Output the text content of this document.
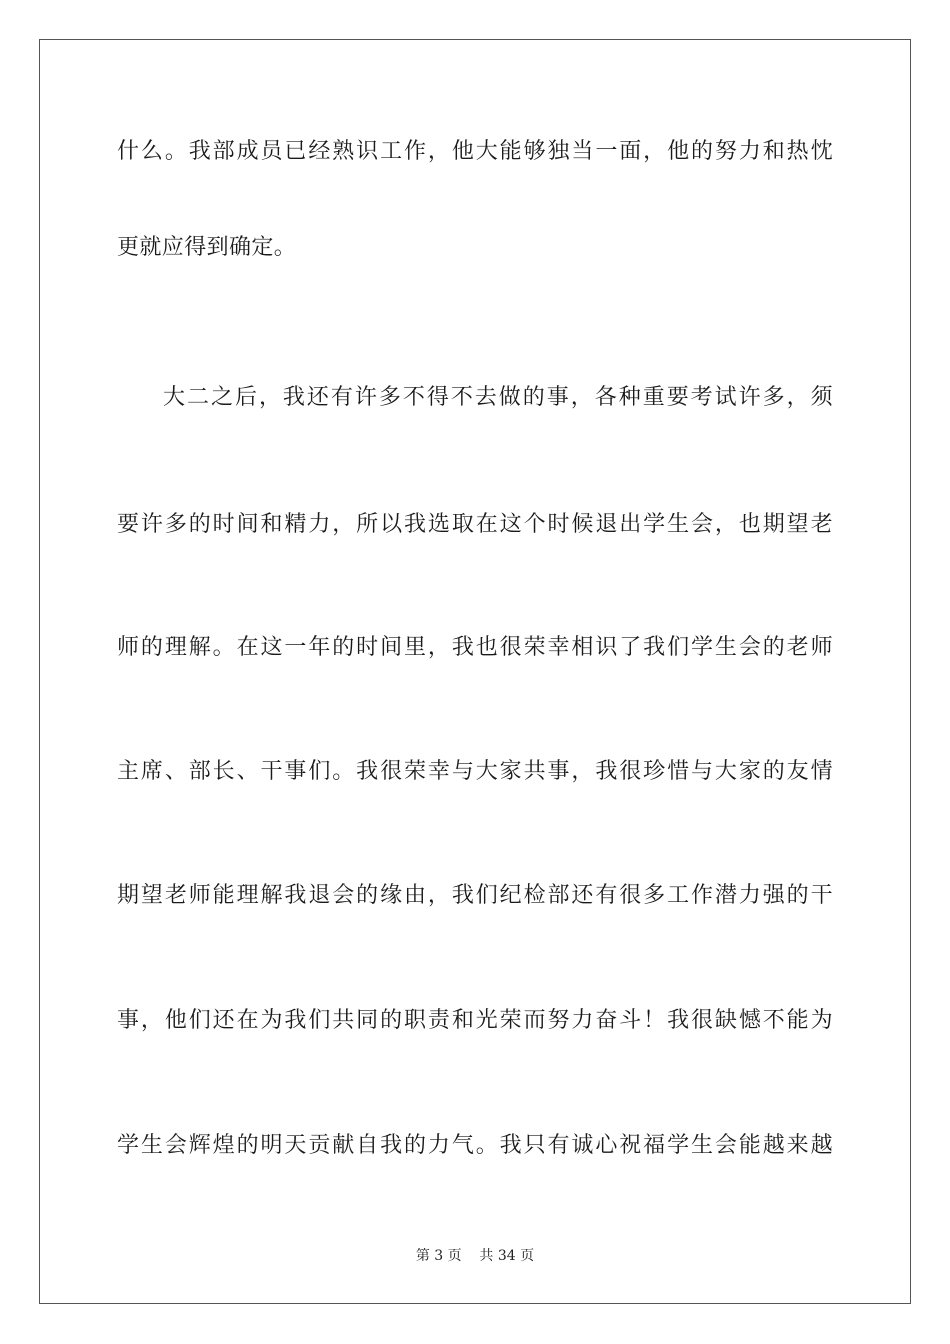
什么。我部成员已经熟识工作，他大能够独当一面，他的努力和热忱
更就应得到确定。
大二之后，我还有许多不得不去做的事，各种重要考试许多，须
要许多的时间和精力，所以我选取在这个时候退出学生会，也期望老
师的理解。在这一年的时间里，我也很荣幸相识了我们学生会的老师
主席、部长、干事们。我很荣幸与大家共事，我很珍惜与大家的友情
期望老师能理解我退会的缘由，我们纪检部还有很多工作潜力强的干
事，他们还在为我们共同的职责和光荣而努力奋斗！我很缺憾不能为
学生会辉煌的明天贡献自我的力气。我只有诚心祝福学生会能越来越
第 3 页    共 34 页
